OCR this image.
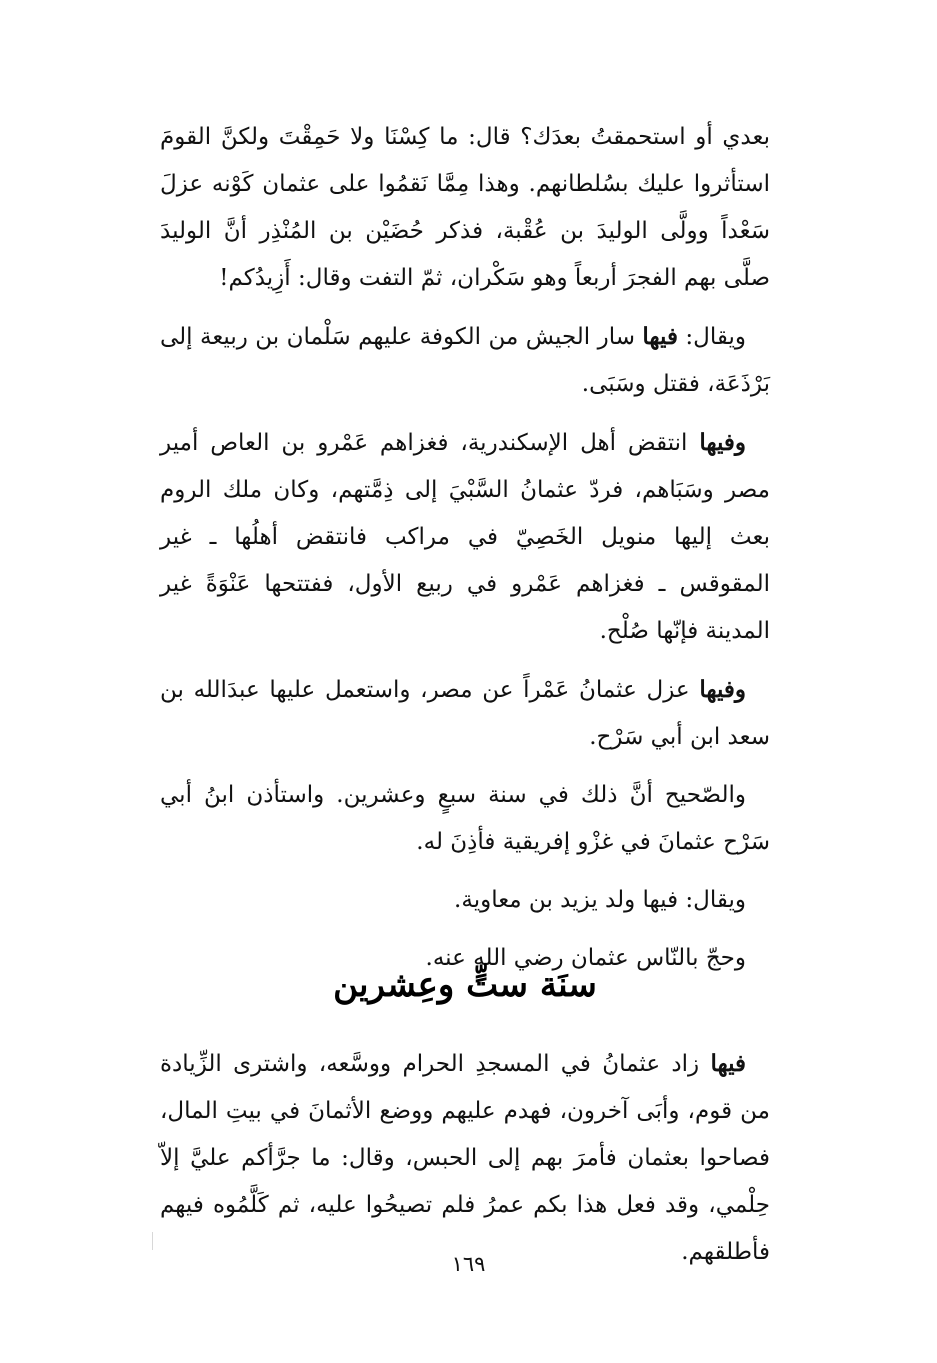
بعدي أو استحمقتُ بعدَك؟ قال: ما كِسْنَا ولا حَمِقْتَ ولكنَّ القومَ استأثروا عليك بسُلطانهم. وهذا مِمَّا نَقمُوا على عثمان كَوْنه عزلَ سَعْداً وولَّى الوليدَ بن عُقْبة، فذكر حُضَيْن بن المُنْذِر أنَّ الوليدَ صلَّى بهم الفجرَ أربعاً وهو سَكْران، ثمّ التفت وقال: أَزِيدُكم!

ويقال: فيها سار الجيش من الكوفة عليهم سَلْمان بن ربيعة إلى بَرْذَعَة، فقتل وسَبَى.

وفيها انتقض أهل الإسكندرية، فغزاهم عَمْرو بن العاص أمير مصر وسَبَاهم، فردّ عثمانُ السَّبْيَ إلى ذِمَّتهم، وكان ملك الروم بعث إليها منويل الخَصِيّ في مراكب فانتقض أهلُها ـ غير المقوقس ـ فغزاهم عَمْرو في ربيع الأول، ففتتحها عَنْوَةً غير المدينة فإنّها صُلْح.

وفيها عزل عثمانُ عَمْراً عن مصر، واستعمل عليها عبدَالله بن سعد ابن أبي سَرْح.

والصّحيح أنَّ ذلك في سنة سبعٍ وعشرين. واستأذن ابنُ أبي سَرْح عثمانَ في غزْو إفريقية فأذِنَ له.

ويقال: فيها ولد يزيد بن معاوية.

وحجّ بالنّاس عثمان رضي الله عنه.

سنَة ستٍّ وعِشرين

فيها زاد عثمانُ في المسجدِ الحرام ووسَّعه، واشترى الزِّيادة من قوم، وأبَى آخرون، فهدم عليهم ووضع الأثمانَ في بيتِ المال، فصاحوا بعثمان فأمرَ بهم إلى الحبس، وقال: ما جرَّأكم عليَّ إلاّ حِلْمي، وقد فعل هذا بكم عمرُ فلم تصيحُوا عليه، ثم كَلَّمُوه فيهم فأطلقهم.

١٦٩
